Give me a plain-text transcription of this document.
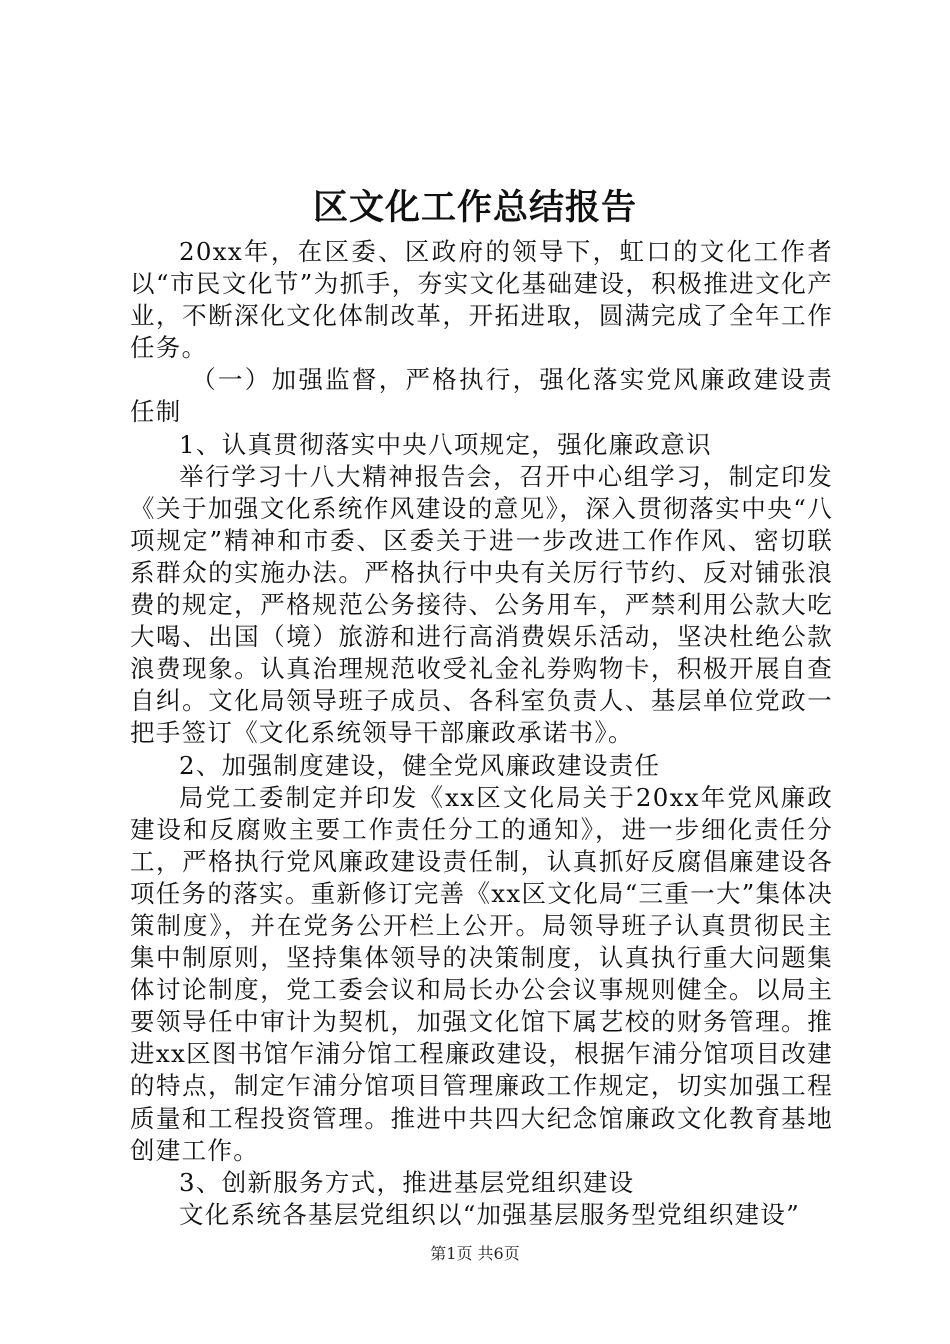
区文化工作总结报告

20xx年，在区委、区政府的领导下，虹口的文化工作者以“市民文化节”为抓手，夯实文化基础建设，积极推进文化产业，不断深化文化体制改革，开拓进取，圆满完成了全年工作任务。

（一）加强监督，严格执行，强化落实党风廉政建设责任制

1、认真贯彻落实中央八项规定，强化廉政意识

举行学习十八大精神报告会，召开中心组学习，制定印发《关于加强文化系统作风建设的意见》，深入贯彻落实中央“八项规定”精神和市委、区委关于进一步改进工作作风、密切联系群众的实施办法。严格执行中央有关厉行节约、反对铺张浪费的规定，严格规范公务接待、公务用车，严禁利用公款大吃大喝、出国（境）旅游和进行高消费娱乐活动，坚决杜绝公款浪费现象。认真治理规范收受礼金礼券购物卡，积极开展自查自纠。文化局领导班子成员、各科室负责人、基层单位党政一把手签订《文化系统领导干部廉政承诺书》。

2、加强制度建设，健全党风廉政建设责任

局党工委制定并印发《xx区文化局关于20xx年党风廉政建设和反腐败主要工作责任分工的通知》，进一步细化责任分工，严格执行党风廉政建设责任制，认真抓好反腐倡廉建设各项任务的落实。重新修订完善《xx区文化局“三重一大”集体决策制度》，并在党务公开栏上公开。局领导班子认真贯彻民主集中制原则，坚持集体领导的决策制度，认真执行重大问题集体讨论制度，党工委会议和局长办公会议事规则健全。以局主要领导任中审计为契机，加强文化馆下属艺校的财务管理。推进xx区图书馆乍浦分馆工程廉政建设，根据乍浦分馆项目改建的特点，制定乍浦分馆项目管理廉政工作规定，切实加强工程质量和工程投资管理。推进中共四大纪念馆廉政文化教育基地创建工作。

3、创新服务方式，推进基层党组织建设

文化系统各基层党组织以“加强基层服务型党组织建设”

第1页 共6页
